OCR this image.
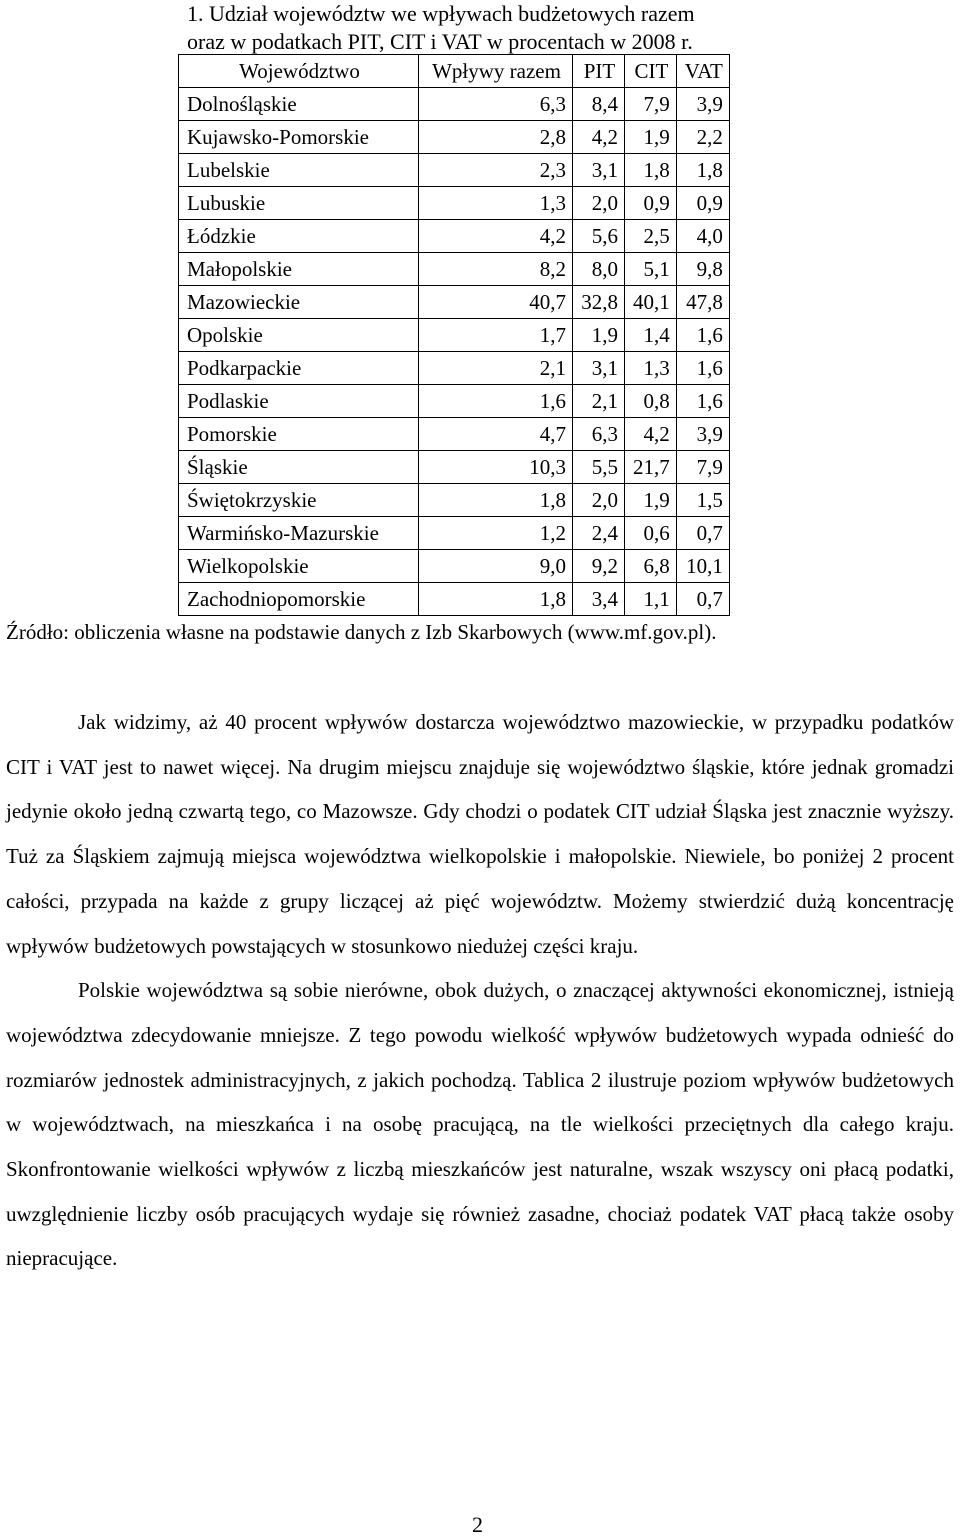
1. Udział województw we wpływach budżetowych razem
oraz w podatkach PIT, CIT i VAT w procentach w 2008 r.
Województwo	Wpływy razem	PIT	CIT	VAT
Dolnośląskie	6,3	8,4	7,9	3,9
Kujawsko-Pomorskie	2,8	4,2	1,9	2,2
Lubelskie	2,3	3,1	1,8	1,8
Lubuskie	1,3	2,0	0,9	0,9
Łódzkie	4,2	5,6	2,5	4,0
Małopolskie	8,2	8,0	5,1	9,8
Mazowieckie	40,7	32,8	40,1	47,8
Opolskie	1,7	1,9	1,4	1,6
Podkarpackie	2,1	3,1	1,3	1,6
Podlaskie	1,6	2,1	0,8	1,6
Pomorskie	4,7	6,3	4,2	3,9
Śląskie	10,3	5,5	21,7	7,9
Świętokrzyskie	1,8	2,0	1,9	1,5
Warmińsko-Mazurskie	1,2	2,4	0,6	0,7
Wielkopolskie	9,0	9,2	6,8	10,1
Zachodniopomorskie	1,8	3,4	1,1	0,7
Źródło: obliczenia własne na podstawie danych z Izb Skarbowych (www.mf.gov.pl).

Jak widzimy, aż 40 procent wpływów dostarcza województwo mazowieckie, w przypadku podatków CIT i VAT jest to nawet więcej. Na drugim miejscu znajduje się województwo śląskie, które jednak gromadzi jedynie około jedną czwartą tego, co Mazowsze. Gdy chodzi o podatek CIT udział Śląska jest znacznie wyższy. Tuż za Śląskiem zajmują miejsca województwa wielkopolskie i małopolskie. Niewiele, bo poniżej 2 procent całości, przypada na każde z grupy liczącej aż pięć województw. Możemy stwierdzić dużą koncentrację wpływów budżetowych powstających w stosunkowo niedużej części kraju.

Polskie województwa są sobie nierówne, obok dużych, o znaczącej aktywności ekonomicznej, istnieją województwa zdecydowanie mniejsze. Z tego powodu wielkość wpływów budżetowych wypada odnieść do rozmiarów jednostek administracyjnych, z jakich pochodzą. Tablica 2 ilustruje poziom wpływów budżetowych w województwach, na mieszkańca i na osobę pracującą, na tle wielkości przeciętnych dla całego kraju. Skonfrontowanie wielkości wpływów z liczbą mieszkańców jest naturalne, wszak wszyscy oni płacą podatki, uwzględnienie liczby osób pracujących wydaje się również zasadne, chociaż podatek VAT płacą także osoby niepracujące.

2
